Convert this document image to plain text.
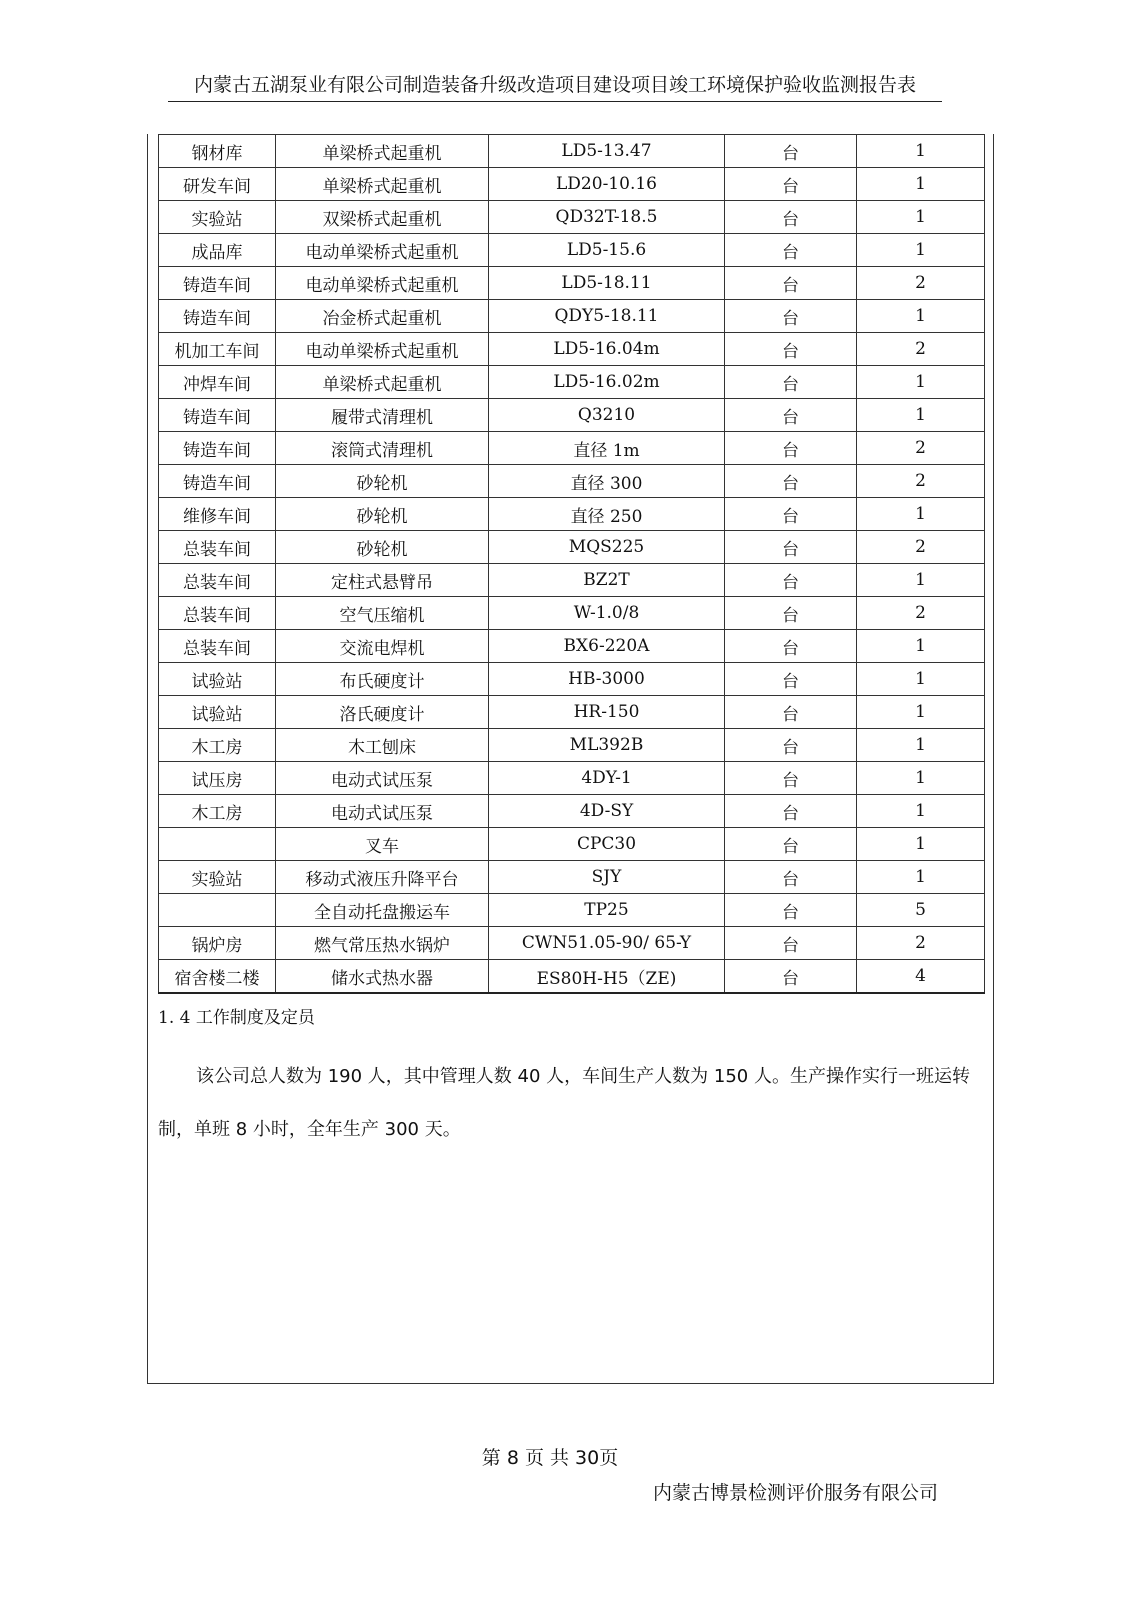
内蒙古五湖泵业有限公司制造装备升级改造项目建设项目竣工环境保护验收监测报告表
钢材库	单梁桥式起重机	LD5-13.47	台	1
研发车间	单梁桥式起重机	LD20-10.16	台	1
实验站	双梁桥式起重机	QD32T-18.5	台	1
成品库	电动单梁桥式起重机	LD5-15.6	台	1
铸造车间	电动单梁桥式起重机	LD5-18.11	台	2
铸造车间	冶金桥式起重机	QDY5-18.11	台	1
机加工车间	电动单梁桥式起重机	LD5-16.04m	台	2
冲焊车间	单梁桥式起重机	LD5-16.02m	台	1
铸造车间	履带式清理机	Q3210	台	1
铸造车间	滚筒式清理机	直径 1m	台	2
铸造车间	砂轮机	直径 300	台	2
维修车间	砂轮机	直径 250	台	1
总装车间	砂轮机	MQS225	台	2
总装车间	定柱式悬臂吊	BZ2T	台	1
总装车间	空气压缩机	W-1.0/8	台	2
总装车间	交流电焊机	BX6-220A	台	1
试验站	布氏硬度计	HB-3000	台	1
试验站	洛氏硬度计	HR-150	台	1
木工房	木工刨床	ML392B	台	1
试压房	电动式试压泵	4DY-1	台	1
木工房	电动式试压泵	4D-SY	台	1
	叉车	CPC30	台	1
实验站	移动式液压升降平台	SJY	台	1
	全自动托盘搬运车	TP25	台	5
锅炉房	燃气常压热水锅炉	CWN51.05-90/ 65-Y	台	2
宿舍楼二楼	储水式热水器	ES80H-H5（ZE)	台	4
1. 4 工作制度及定员
该公司总人数为 190 人，其中管理人数 40 人，车间生产人数为 150 人。生产操作实行一班运转制，单班 8 小时，全年生产 300 天。
第 8 页 共 30页
内蒙古博景检测评价服务有限公司
